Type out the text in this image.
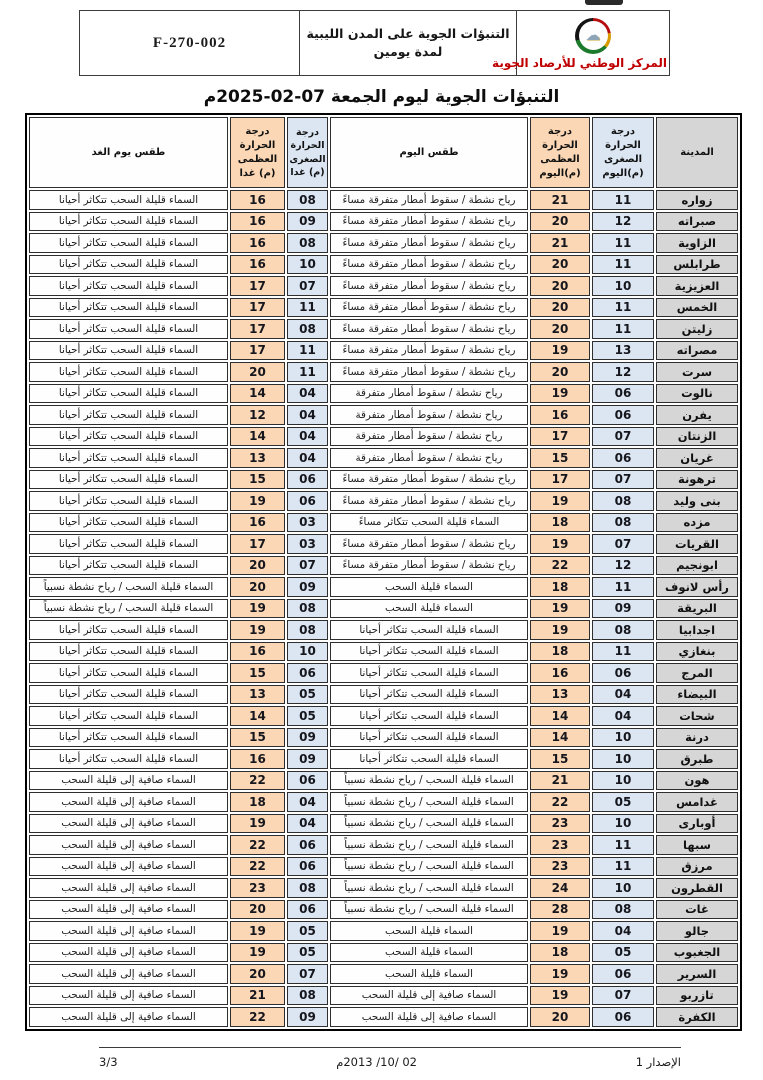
☁
المركز الوطني للأرصاد الجوية

التنبؤات الجوية على المدن الليبية
لمدة يومين
	F-270-002
التنبؤات الجوية ليوم الجمعة 07-02-2025م
المدينة	درجة الحرارة الصغرى (م)اليوم	درجة الحرارة العظمى (م)اليوم	طقس اليوم	درجة الحرارة الصغرى (م) غدا	درجة الحرارة العظمى (م) غدا	طقس يوم الغد
زواره	11	21	رياح نشطة / سقوط أمطار متفرقة مساءً	08	16	السماء قليلة السحب تتكاثر أحيانا
صبراته	12	20	رياح نشطة / سقوط أمطار متفرقة مساءً	09	16	السماء قليلة السحب تتكاثر أحيانا
الزاوية	11	21	رياح نشطة / سقوط أمطار متفرقة مساءً	08	16	السماء قليلة السحب تتكاثر أحيانا
طرابلس	11	20	رياح نشطة / سقوط أمطار متفرقة مساءً	10	16	السماء قليلة السحب تتكاثر أحيانا
العزيزية	10	20	رياح نشطة / سقوط أمطار متفرقة مساءً	07	17	السماء قليلة السحب تتكاثر أحيانا
الخمس	11	20	رياح نشطة / سقوط أمطار متفرقة مساءً	11	17	السماء قليلة السحب تتكاثر أحيانا
زليتن	11	20	رياح نشطة / سقوط أمطار متفرقة مساءً	08	17	السماء قليلة السحب تتكاثر أحيانا
مصراته	13	19	رياح نشطة / سقوط أمطار متفرقة مساءً	11	17	السماء قليلة السحب تتكاثر أحيانا
سرت	12	20	رياح نشطة / سقوط أمطار متفرقة مساءً	11	20	السماء قليلة السحب تتكاثر أحيانا
نالوت	06	19	رياح نشطة / سقوط أمطار متفرقة	04	14	السماء قليلة السحب تتكاثر أحيانا
يفرن	06	16	رياح نشطة / سقوط أمطار متفرقة	04	12	السماء قليلة السحب تتكاثر أحيانا
الزنتان	07	17	رياح نشطة / سقوط أمطار متفرقة	04	14	السماء قليلة السحب تتكاثر أحيانا
غريان	06	15	رياح نشطة / سقوط أمطار متفرقة	04	13	السماء قليلة السحب تتكاثر أحيانا
ترهونة	07	17	رياح نشطة / سقوط أمطار متفرقة مساءً	06	15	السماء قليلة السحب تتكاثر أحيانا
بنى وليد	08	19	رياح نشطة / سقوط أمطار متفرقة مساءً	06	19	السماء قليلة السحب تتكاثر أحيانا
مزده	08	18	السماء قليلة السحب تتكاثر مساءً	03	16	السماء قليلة السحب تتكاثر أحيانا
القريات	07	19	رياح نشطة / سقوط أمطار متفرقة مساءً	03	17	السماء قليلة السحب تتكاثر أحيانا
ابونجيم	12	22	رياح نشطة / سقوط أمطار متفرقة مساءً	07	20	السماء قليلة السحب تتكاثر أحيانا
رأس لانوف	11	18	السماء قليلة السحب	09	20	السماء قليلة السحب / رياح نشطة نسبياً
البريقة	09	19	السماء قليلة السحب	08	19	السماء قليلة السحب / رياح نشطة نسبياً
اجدابيا	08	19	السماء قليلة السحب تتكاثر أحيانا	08	19	السماء قليلة السحب تتكاثر أحيانا
بنغازي	11	18	السماء قليلة السحب تتكاثر أحيانا	10	16	السماء قليلة السحب تتكاثر أحيانا
المرج	06	16	السماء قليلة السحب تتكاثر أحيانا	06	15	السماء قليلة السحب تتكاثر أحيانا
البيضاء	04	13	السماء قليلة السحب تتكاثر أحيانا	05	13	السماء قليلة السحب تتكاثر أحيانا
شحات	04	14	السماء قليلة السحب تتكاثر أحيانا	05	14	السماء قليلة السحب تتكاثر أحيانا
درنة	10	14	السماء قليلة السحب تتكاثر أحيانا	09	15	السماء قليلة السحب تتكاثر أحيانا
طبرق	10	15	السماء قليلة السحب تتكاثر أحيانا	09	16	السماء قليلة السحب تتكاثر أحيانا
هون	10	21	السماء قليلة السحب / رياح نشطة نسبياً	06	22	السماء صافية إلى قليلة السحب
غدامس	05	22	السماء قليلة السحب / رياح نشطة نسبياً	04	18	السماء صافية إلى قليلة السحب
أوبارى	10	23	السماء قليلة السحب / رياح نشطة نسبياً	04	19	السماء صافية إلى قليلة السحب
سبها	11	23	السماء قليلة السحب / رياح نشطة نسبياً	06	22	السماء صافية إلى قليلة السحب
مرزق	11	23	السماء قليلة السحب / رياح نشطة نسبياً	06	22	السماء صافية إلى قليلة السحب
القطرون	10	24	السماء قليلة السحب / رياح نشطة نسبياً	08	23	السماء صافية إلى قليلة السحب
غات	08	28	السماء قليلة السحب / رياح نشطة نسبياً	06	20	السماء صافية إلى قليلة السحب
جالو	04	19	السماء قليلة السحب	05	19	السماء صافية إلى قليلة السحب
الجغبوب	05	18	السماء قليلة السحب	05	19	السماء صافية إلى قليلة السحب
السرير	06	19	السماء قليلة السحب	07	20	السماء صافية إلى قليلة السحب
تازربو	07	19	السماء صافية إلى قليلة السحب	08	21	السماء صافية إلى قليلة السحب
الكفرة	06	20	السماء صافية إلى قليلة السحب	09	22	السماء صافية إلى قليلة السحب
الإصدار 1
02 /10/ 2013م
3/3
